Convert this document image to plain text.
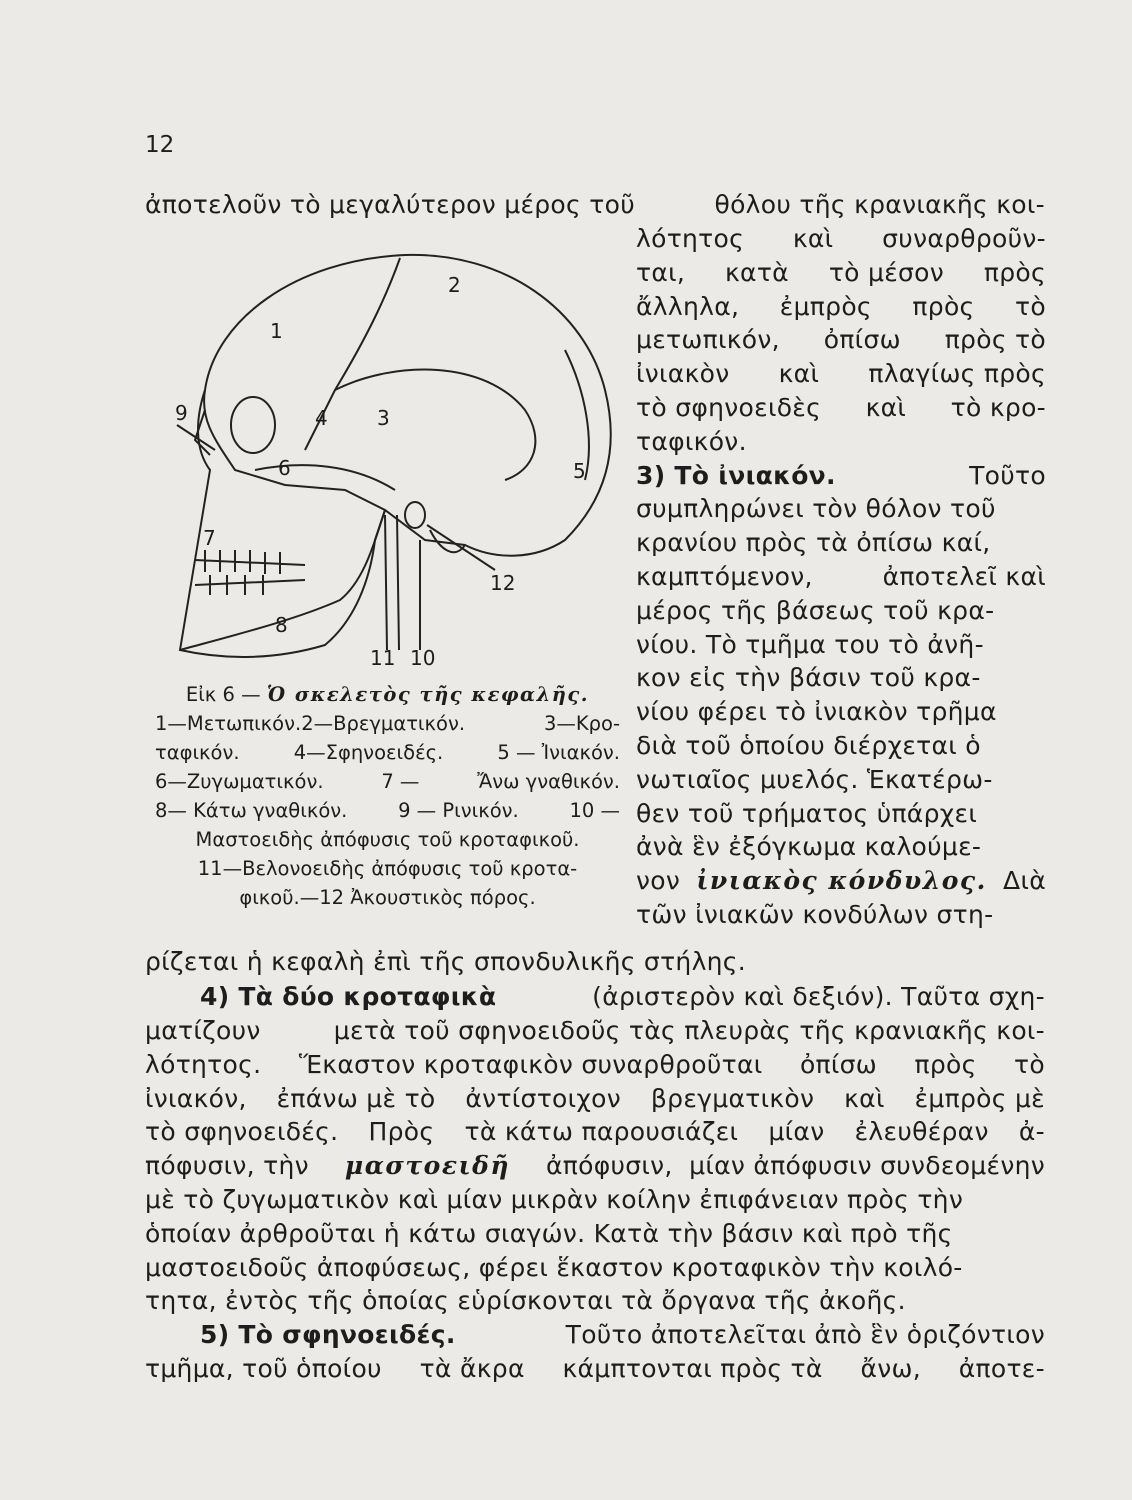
12
ἀποτελοῦν τὸ μεγαλύτερον μέρος τοῦ	θόλου τῆς κρανιακῆς κοι-
λότητος καὶ συναρθροῦν-
ται, κατὰ τὸ μέσον πρὸς
ἄλληλα, ἐμπρὸς πρὸς τὸ
μετωπικόν, ὀπίσω πρὸς τὸ
ἰνιακὸν καὶ πλαγίως πρὸς
τὸ σφηνοειδὲς καὶ τὸ κρο-
ταφικόν.
3) Τὸ ἰνιακόν.	Τοῦτο
συμπληρώνει τὸν θόλον τοῦ
κρανίου πρὸς τὰ ὀπίσω καί,
καμπτόμενον,	ἀποτελεῖ καὶ
μέρος τῆς βάσεως τοῦ κρα-
νίου. Τὸ τμῆμα του τὸ ἀνῆ-
κον εἰς τὴν βάσιν τοῦ κρα-
νίου φέρει τὸ ἰνιακὸν τρῆμα
διὰ τοῦ ὁποίου διέρχεται ὁ
νωτιαῖος μυελός. Ἑκατέρω-
θεν τοῦ τρήματος ὑπάρχει
ἀνὰ ἓν ἐξόγκωμα καλούμε-
νον ἰνιακὸς κόνδυλος. Διὰ
τῶν ἰνιακῶν κονδύλων στη-
1
2
3
4
5
6
7
8
9
10
11
12
Εἰκ 6 — Ὁ σκελετὸς τῆς κεφαλῆς.
1—Μετωπικόν.2—Βρεγματικόν.	3—Κρο-
ταφικόν.	4—Σφηνοειδές.	5 — Ἰνιακόν.
6—Ζυγωματικόν.	7 —	Ἄνω γναθικόν.
8— Κάτω γναθικόν.	9 — Ρινικόν.	10 —
Μαστοειδὴς ἀπόφυσις τοῦ κροταφικοῦ.
11—Βελονοειδὴς ἀπόφυσις τοῦ κροτα-
φικοῦ.—12 Ἀκουστικὸς πόρος.
ρίζεται ἡ κεφαλὴ ἐπὶ τῆς σπονδυλικῆς στήλης.
4) Τὰ δύο κροταφικὰ	(ἀριστερὸν καὶ δεξιόν). Ταῦτα σχη-
ματίζουν	μετὰ τοῦ σφηνοειδοῦς τὰς πλευρὰς τῆς κρανιακῆς κοι-
λότητος. Ἕκαστον κροταφικὸν συναρθροῦται ὀπίσω πρὸς τὸ
ἰνιακόν, ἐπάνω μὲ τὸ ἀντίστοιχον βρεγματικὸν καὶ ἐμπρὸς μὲ
τὸ σφηνοειδές. Πρὸς τὰ κάτω παρουσιάζει μίαν ἐλευθέραν ἀ-
πόφυσιν, τὴν μαστοειδῆ ἀπόφυσιν,  μίαν ἀπόφυσιν συνδεομένην
μὲ τὸ ζυγωματικὸν καὶ μίαν μικρὰν κοίλην ἐπιφάνειαν πρὸς τὴν
ὁποίαν ἀρθροῦται ἡ κάτω σιαγών. Κατὰ τὴν βάσιν καὶ πρὸ τῆς
μαστοειδοῦς ἀποφύσεως, φέρει ἕκαστον κροταφικὸν τὴν κοιλό-
τητα, ἐντὸς τῆς ὁποίας εὑρίσκονται τὰ ὄργανα τῆς ἀκοῆς.
5) Τὸ σφηνοειδές.	Τοῦτο ἀποτελεῖται ἀπὸ ἓν ὁριζόντιον
τμῆμα, τοῦ ὁποίου τὰ ἄκρα κάμπτονται πρὸς τὰ ἄνω, ἀποτε-
